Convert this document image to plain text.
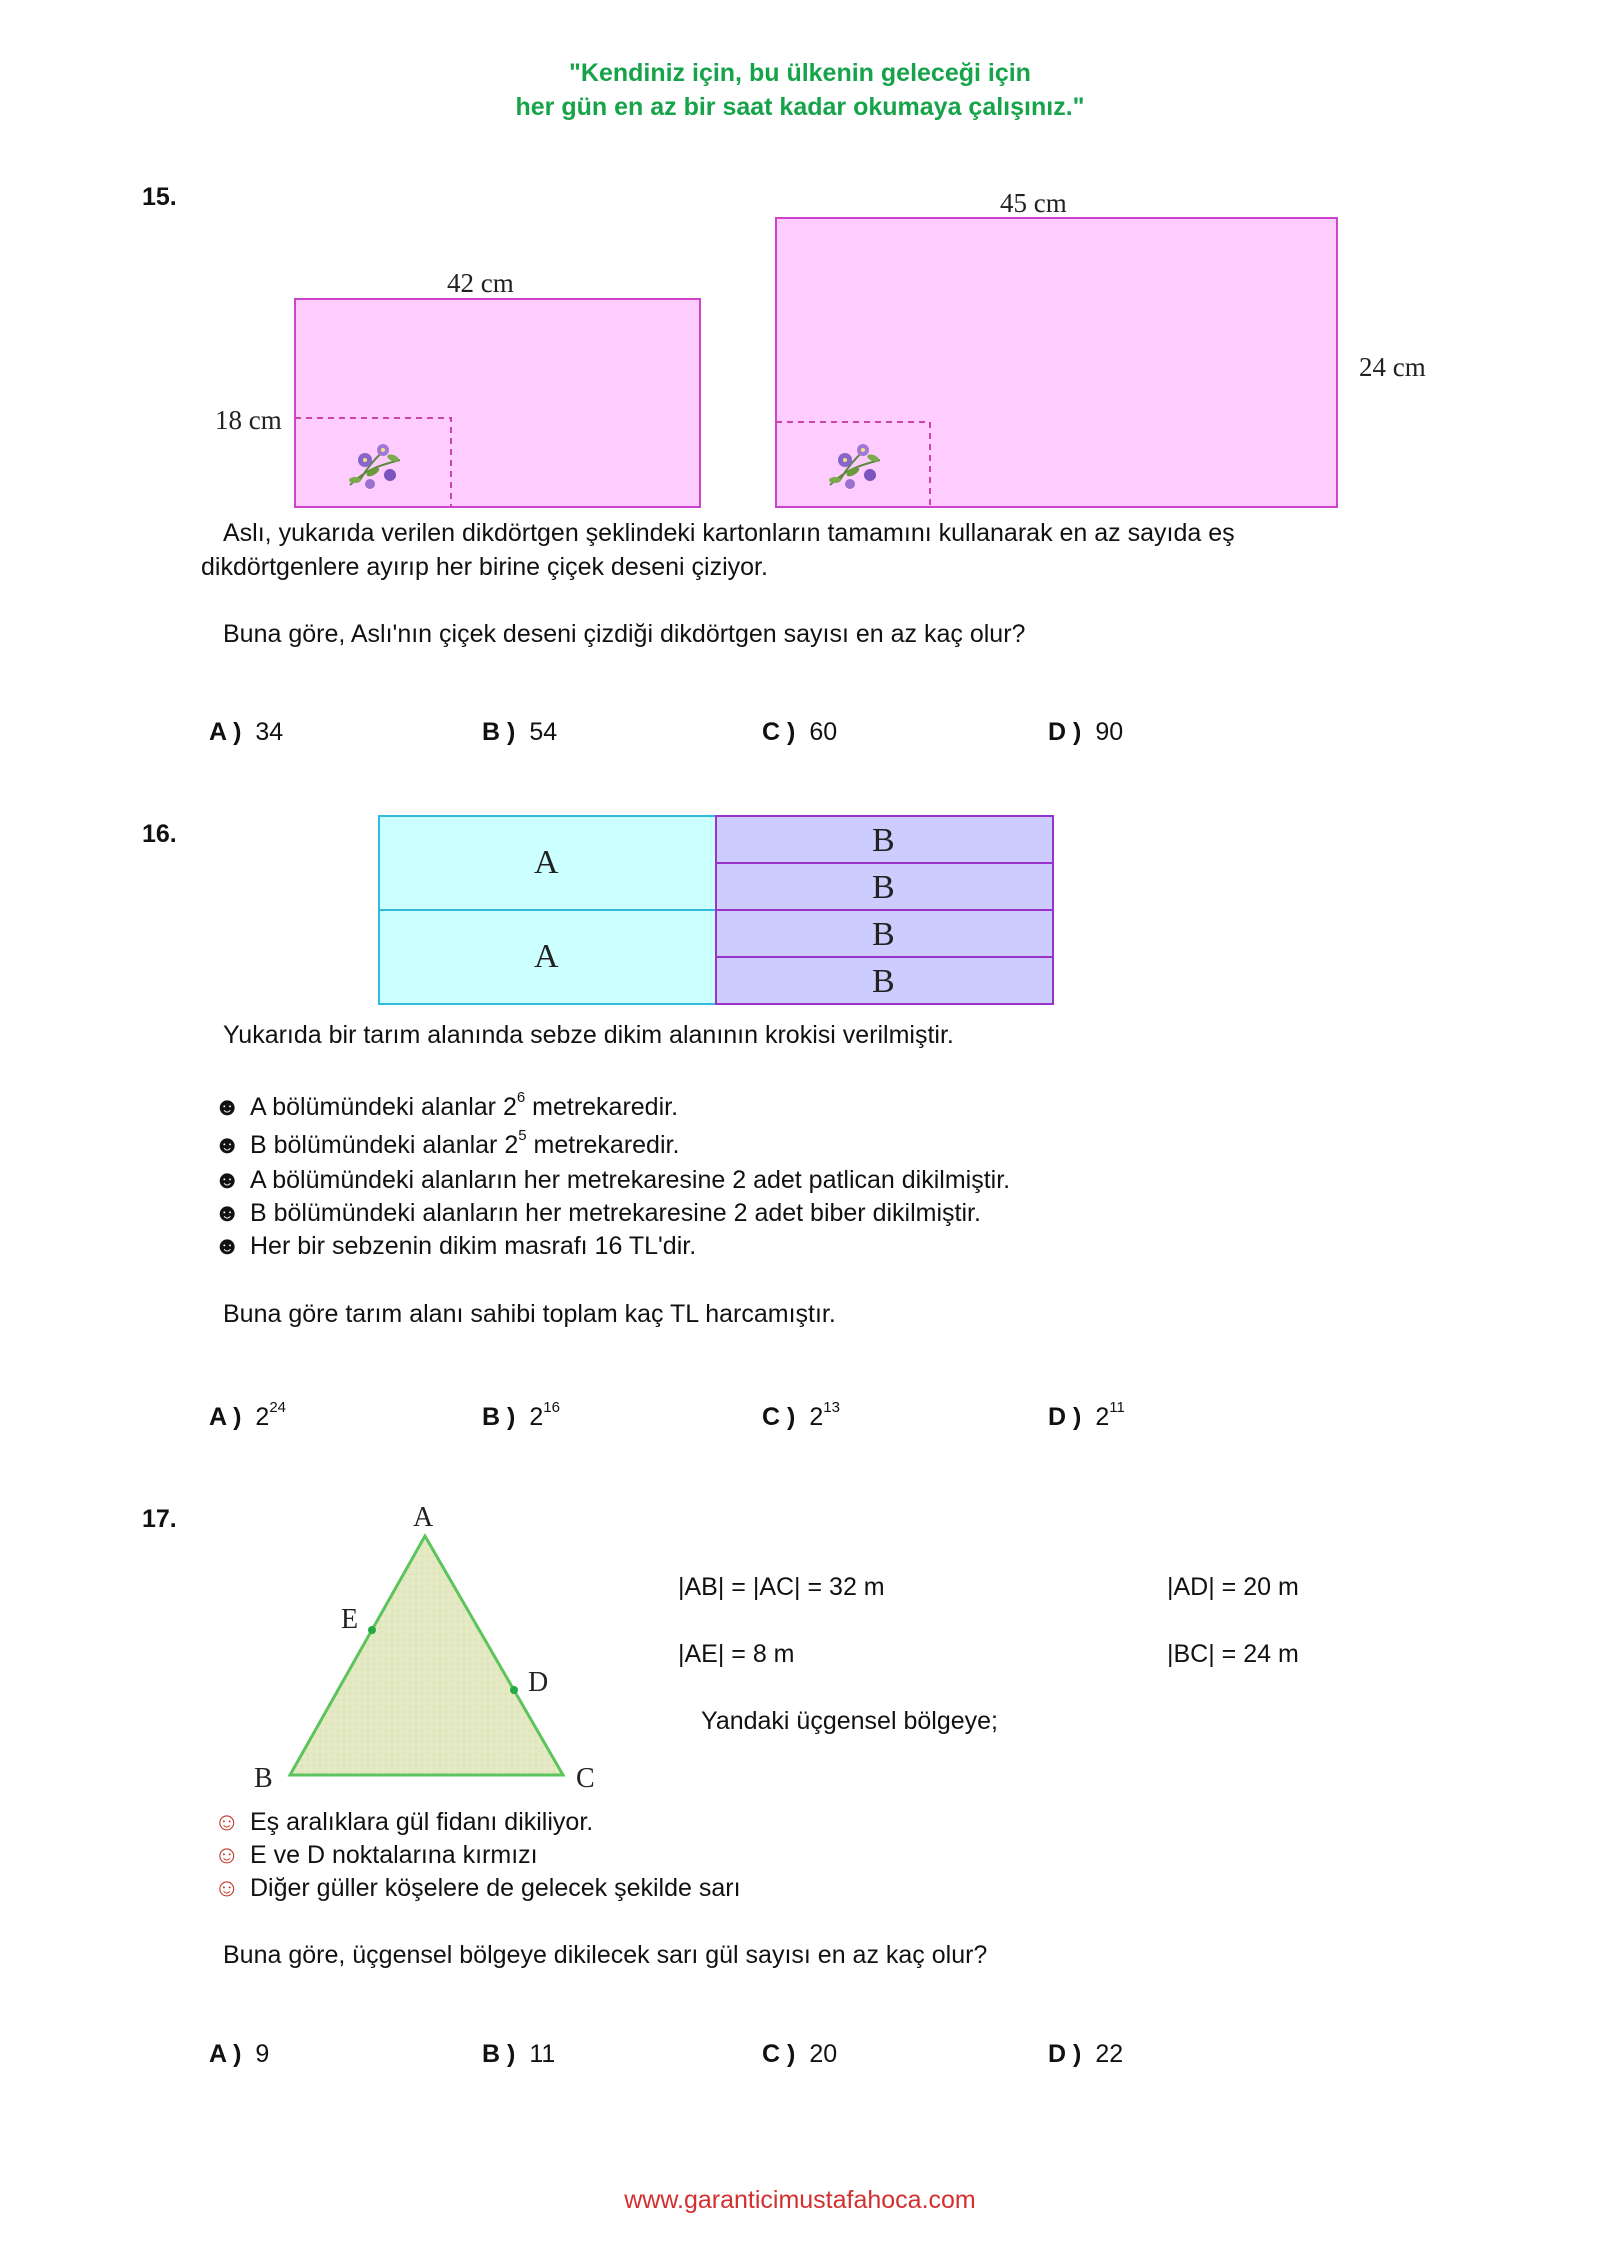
"Kendiniz için, bu ülkenin geleceği için
her gün en az bir saat kadar okumaya çalışınız."
15.
42 cm
18 cm
45 cm
24 cm
Aslı, yukarıda verilen dikdörtgen şeklindeki kartonların tamamını kullanarak en az sayıda eş
dikdörtgenlere ayırıp her birine çiçek deseni çiziyor.
Buna göre, Aslı'nın çiçek deseni çizdiği dikdörtgen sayısı en az kaç olur?
A ) 34	B ) 54	C ) 60	D ) 90
16.
A
A
B
B
B
B
Yukarıda bir tarım alanında sebze dikim alanının krokisi verilmiştir.
☻ A bölümündeki alanlar $2^6$ metrekaredir.
☻ B bölümündeki alanlar $2^5$ metrekaredir.
☻ A bölümündeki alanların her metrekaresine 2 adet patlican dikilmiştir.
☻ B bölümündeki alanların her metrekaresine 2 adet biber dikilmiştir.
☻ Her bir sebzenin dikim masrafı 16 TL'dir.
Buna göre tarım alanı sahibi toplam kaç TL harcamıştır.
A ) $2^{24}$	B ) $2^{16}$	C ) $2^{13}$	D ) $2^{11}$
17.	A
B	C
E
D
|AB| = |AC| = 32 m	|AD| = 20 m
|AE| = 8 m	|BC| = 24 m
Yandaki üçgensel bölgeye;
☺ Eş aralıklara gül fidanı dikiliyor.
☺ E ve D noktalarına kırmızı
☺ Diğer güller köşelere de gelecek şekilde sarı
Buna göre, üçgensel bölgeye dikilecek sarı gül sayısı en az kaç olur?
A ) 9	B ) 11	C ) 20	D ) 22
www.garanticimustafahoca.com
